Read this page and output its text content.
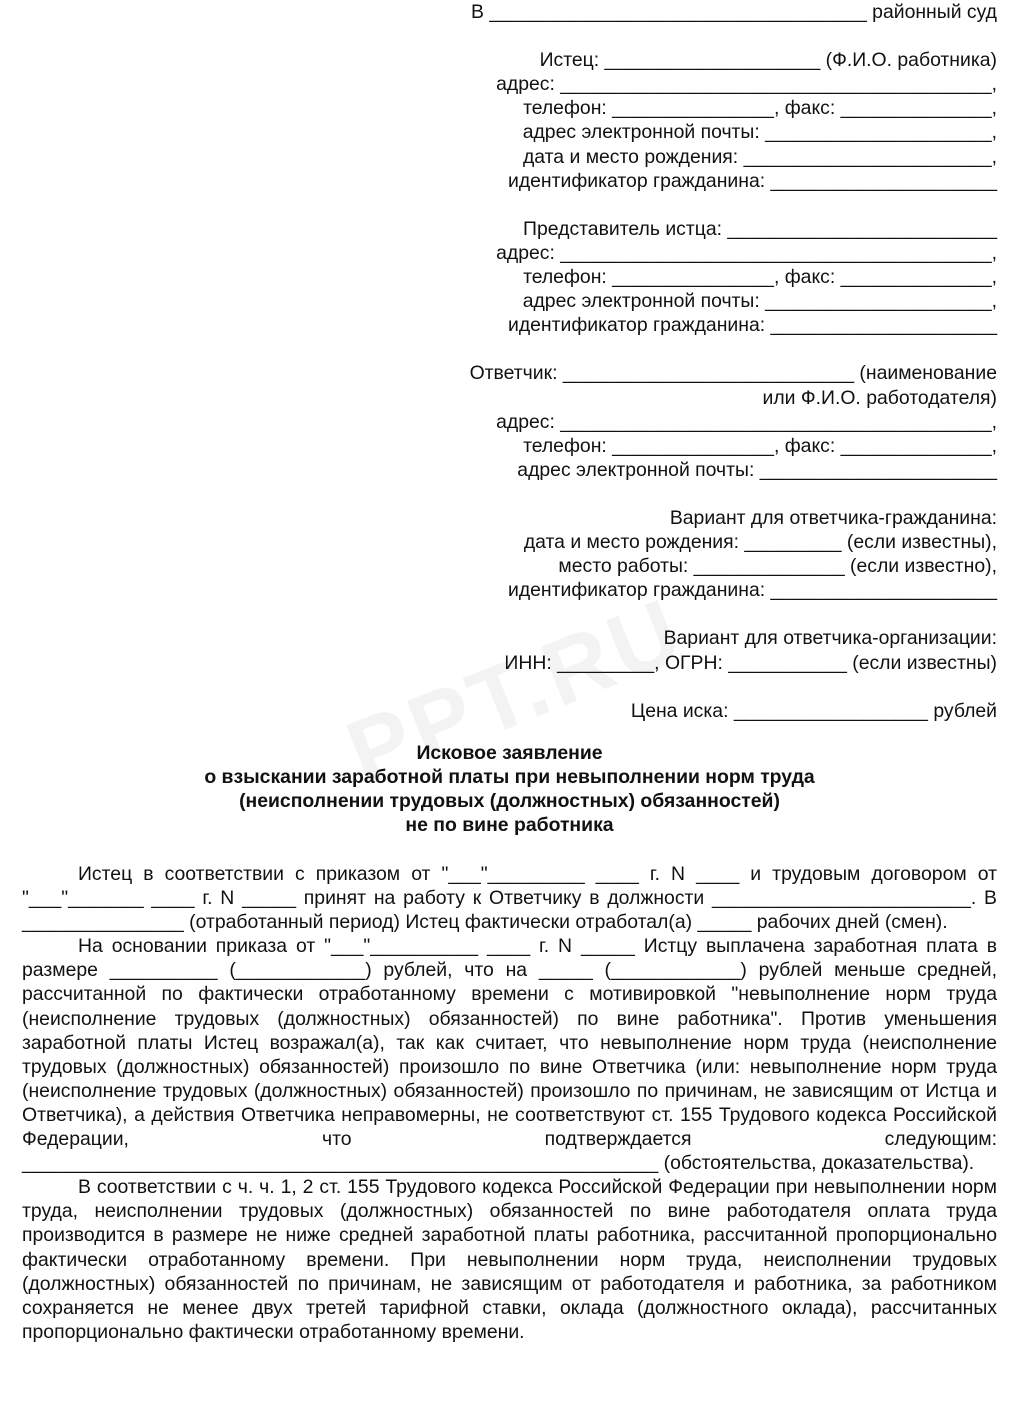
В ___________________________________ районный суд
Истец: ____________________ (Ф.И.О. работника)
адрес: ________________________________________,
телефон: _______________, факс: ______________,
адрес электронной почты: _____________________,
дата и место рождения: _______________________,
идентификатор гражданина: _____________________
Представитель истца: _________________________
адрес: ________________________________________,
телефон: _______________, факс: ______________,
адрес электронной почты: _____________________,
идентификатор гражданина: _____________________
Ответчик: ___________________________ (наименование
или Ф.И.О. работодателя)
адрес: ________________________________________,
телефон: _______________, факс: ______________,
адрес электронной почты: ______________________
Вариант для ответчика-гражданина:
дата и место рождения: _________ (если известны),
место работы: ______________ (если известно),
идентификатор гражданина: _____________________
Вариант для ответчика-организации:
ИНН: _________, ОГРН: ___________ (если известны)
Цена иска: __________________ рублей
Исковое заявление
о взыскании заработной платы при невыполнении норм труда
(неисполнении трудовых (должностных) обязанностей)
не по вине работника

Истец в соответствии с приказом от "___"_________ ____ г. N ____ и трудовым договором от "___"_______ ____ г. N _____ принят на работу к Ответчику в должности ________________________. В _______________ (отработанный период) Истец фактически отработал(а) _____ рабочих дней (смен).

На основании приказа от "___"__________ ____ г. N _____ Истцу выплачена заработная плата в размере __________ (____________) рублей, что на _____ (____________) рублей меньше средней, рассчитанной по фактически отработанному времени с мотивировкой "невыполнение норм труда (неисполнение трудовых (должностных) обязанностей) по вине работника". Против уменьшения заработной платы Истец возражал(а), так как считает, что невыполнение норм труда (неисполнение трудовых (должностных) обязанностей) произошло по вине Ответчика (или: невыполнение норм труда (неисполнение трудовых (должностных) обязанностей) произошло по причинам, не зависящим от Истца и Ответчика), а действия Ответчика неправомерны, не соответствуют ст. 155 Трудового кодекса Российской Федерации, что подтверждается следующим: ___________________________________________________________ (обстоятельства, доказательства).

В соответствии с ч. ч. 1, 2 ст. 155 Трудового кодекса Российской Федерации при невыполнении норм труда, неисполнении трудовых (должностных) обязанностей по вине работодателя оплата труда производится в размере не ниже средней заработной платы работника, рассчитанной пропорционально фактически отработанному времени. При невыполнении норм труда, неисполнении трудовых (должностных) обязанностей по причинам, не зависящим от работодателя и работника, за работником сохраняется не менее двух третей тарифной ставки, оклада (должностного оклада), рассчитанных пропорционально фактически отработанному времени.
